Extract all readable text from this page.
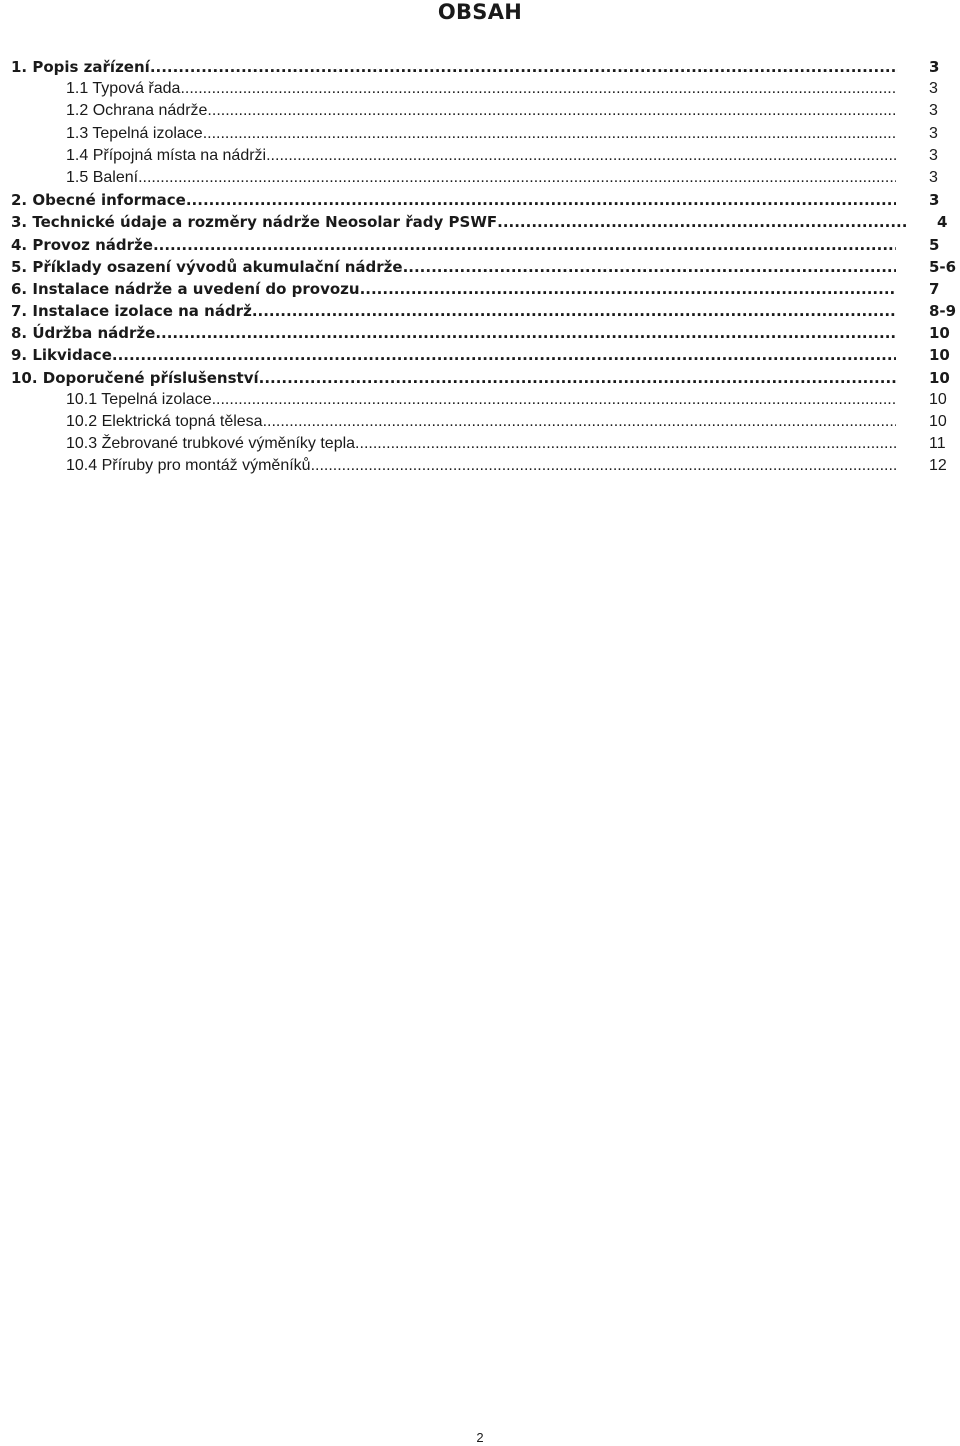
OBSAH
1. Popis zařízení .....	3
1.1 Typová řada .....	3
1.2 Ochrana nádrže .....	3
1.3 Tepelná izolace .....	3
1.4 Přípojná místa na nádrži .....	3
1.5 Balení .....	3
2. Obecné informace .....	3
3. Technické údaje a rozměry nádrže Neosolar řady PSWF .....	4
4. Provoz nádrže .....	5
5. Příklady osazení vývodů akumulační nádrže .....	5-6
6. Instalace nádrže a uvedení do provozu .....	7
7. Instalace izolace na nádrž .....	8-9
8. Údržba nádrže .....	10
9. Likvidace .....	10
10. Doporučené příslušenství .....	10
10.1 Tepelná izolace .....	10
10.2 Elektrická topná tělesa .....	10
10.3 Žebrované trubkové výměníky tepla .....	11
10.4 Příruby pro montáž výměníků .....	12
2
